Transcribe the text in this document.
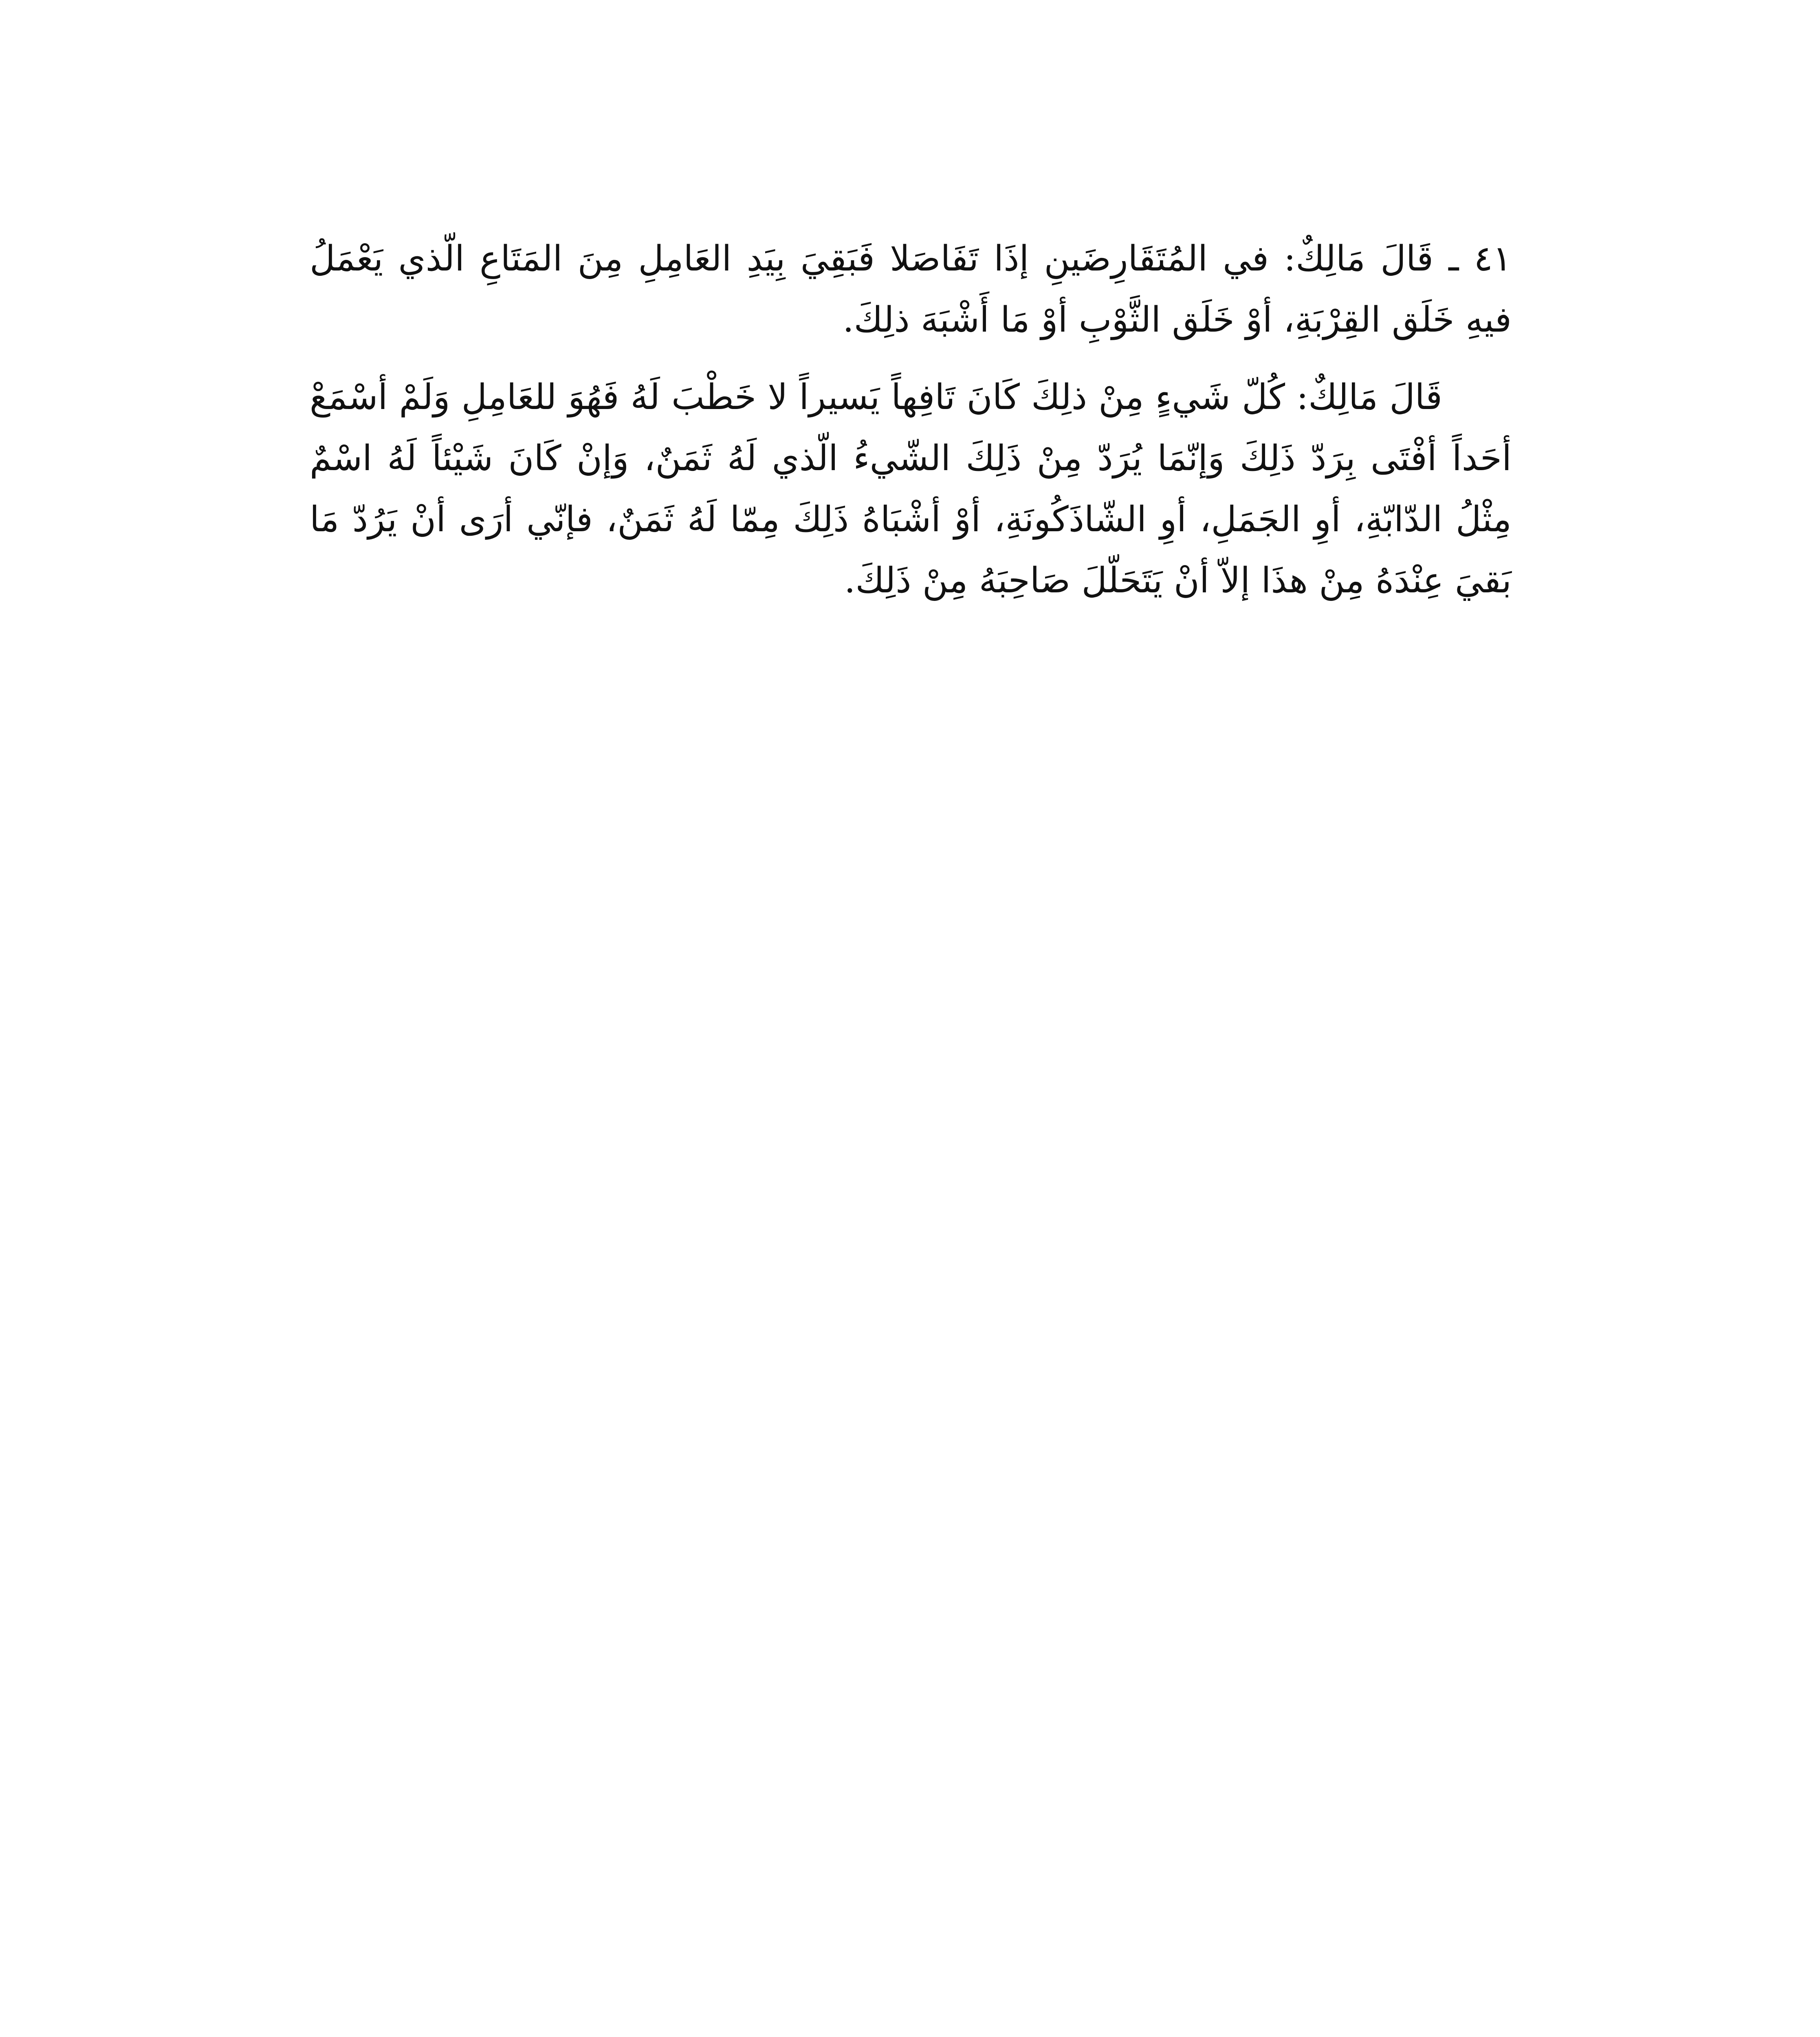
٤١ ـ قَالَ مَالِكٌ: في المُتَقَارِضَينِ إذَا تَفَاصَلا فَبَقِيَ بِيَدِ العَامِلِ مِنَ المَتَاعِ الّذي يَعْمَلُ فيهِ خَلَق القِرْبَةِ، أوْ خَلَق الثَّوْبِ أوْ مَا أَشْبَهَ ذلِكَ.

قَالَ مَالِكٌ: كُلّ شَيءٍ مِنْ ذلِكَ كَانَ تَافِهاً يَسيراً لا خَطْبَ لَهُ فَهُوَ للعَامِلِ وَلَمْ أسْمَعْ أحَداً أفْتَى بِرَدّ ذَلِكَ وَإنّمَا يُرَدّ مِنْ ذَلِكَ الشّيءُ الّذي لَهُ ثَمَنٌ، وَإنْ كَانَ شَيْئاً لَهُ اسْمٌ مِثْلُ الدّابّةِ، أوِ الجَمَلِ، أوِ الشّاذَكُونَةِ، أوْ أشْبَاهُ ذَلِكَ مِمّا لَهُ ثَمَنٌ، فإنّي أرَى أنْ يَرُدّ مَا بَقيَ عِنْدَهُ مِنْ هذَا إلاّ أنْ يَتَحَلّلَ صَاحِبَهُ مِنْ ذَلِكَ.
